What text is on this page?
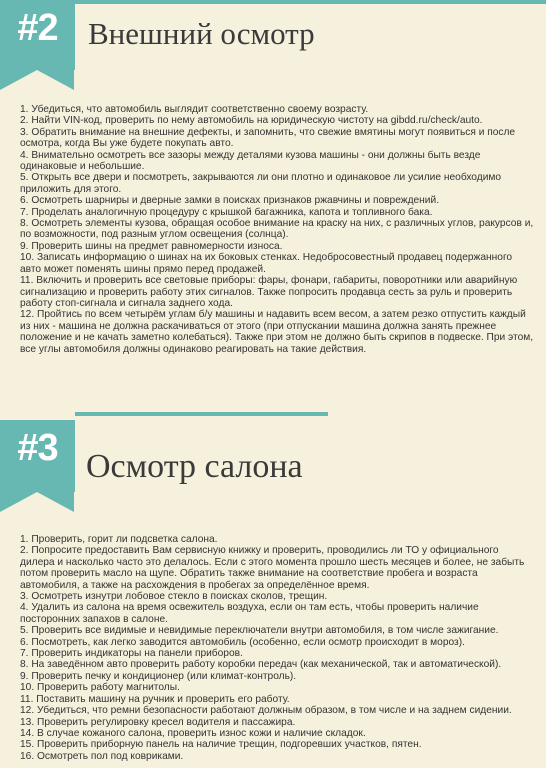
#2 Внешний осмотр
1. Убедиться, что автомобиль выглядит соответственно своему возрасту.
2. Найти VIN-код, проверить по нему автомобиль на юридическую чистоту на gibdd.ru/check/auto.
3. Обратить внимание на внешние дефекты, и запомнить, что свежие вмятины могут появиться и после осмотра, когда Вы уже будете покупать авто.
4. Внимательно осмотреть все зазоры между деталями кузова машины - они должны быть везде одинаковые и небольшие.
5. Открыть все двери и посмотреть, закрываются ли они плотно и одинаковое ли усилие необходимо приложить для этого.
6. Осмотреть шарниры и дверные замки в поисках признаков ржавчины и повреждений.
7. Проделать аналогичную процедуру с крышкой багажника, капота и топливного бака.
8. Осмотреть элементы кузова, обращая особое внимание на краску на них, с различных углов, ракурсов и, по возможности, под разным углом освещения (солнца).
9. Проверить шины на предмет равномерности износа.
10. Записать информацию о шинах на их боковых стенках. Недобросовестный продавец подержанного авто может поменять шины прямо перед продажей.
11. Включить и проверить все световые приборы: фары, фонари, габариты, поворотники или аварийную сигнализацию и проверить работу этих сигналов. Также попросить продавца сесть за руль и проверить работу стоп-сигнала и сигнала заднего хода.
12. Пройтись по всем четырём углам б/у машины и надавить всем весом, а затем резко отпустить каждый из них - машина не должна раскачиваться от этого (при отпускании машина должна занять прежнее положение и не качать заметно колебаться). Также при этом не должно быть скрипов в подвеске. При этом, все углы автомобиля должны одинаково реагировать на такие действия.
#3 Осмотр салона
1. Проверить, горит ли подсветка салона.
2. Попросите предоставить Вам сервисную книжку и проверить, проводились ли ТО у официального дилера и насколько часто это делалось. Если с этого момента прошло шесть месяцев и более, не забыть потом проверить масло на щупе. Обратить также внимание на соответствие пробега и возраста автомобиля, а также на расхождения в пробегах за определённое время.
3. Осмотреть изнутри лобовое стекло в поисках сколов, трещин.
4. Удалить из салона на время освежитель воздуха, если он там есть, чтобы проверить наличие посторонних запахов в салоне.
5. Проверить все видимые и невидимые переключатели внутри автомобиля, в том числе зажигание.
6. Посмотреть, как легко заводится автомобиль (особенно, если осмотр происходит в мороз).
7. Проверить индикаторы на панели приборов.
8. На заведённом авто проверить работу коробки передач (как механической, так и автоматической).
9. Проверить печку и кондиционер (или климат-контроль).
10. Проверить работу магнитолы.
11. Поставить машину на ручник и проверить его работу.
12. Убедиться, что ремни безопасности работают должным образом, в том числе и на заднем сидении.
13. Проверить регулировку кресел водителя и пассажира.
14. В случае кожаного салона, проверить износ кожи и наличие складок.
15. Проверить приборную панель на наличие трещин, подгоревших участков, пятен.
16. Осмотреть пол под ковриками.
